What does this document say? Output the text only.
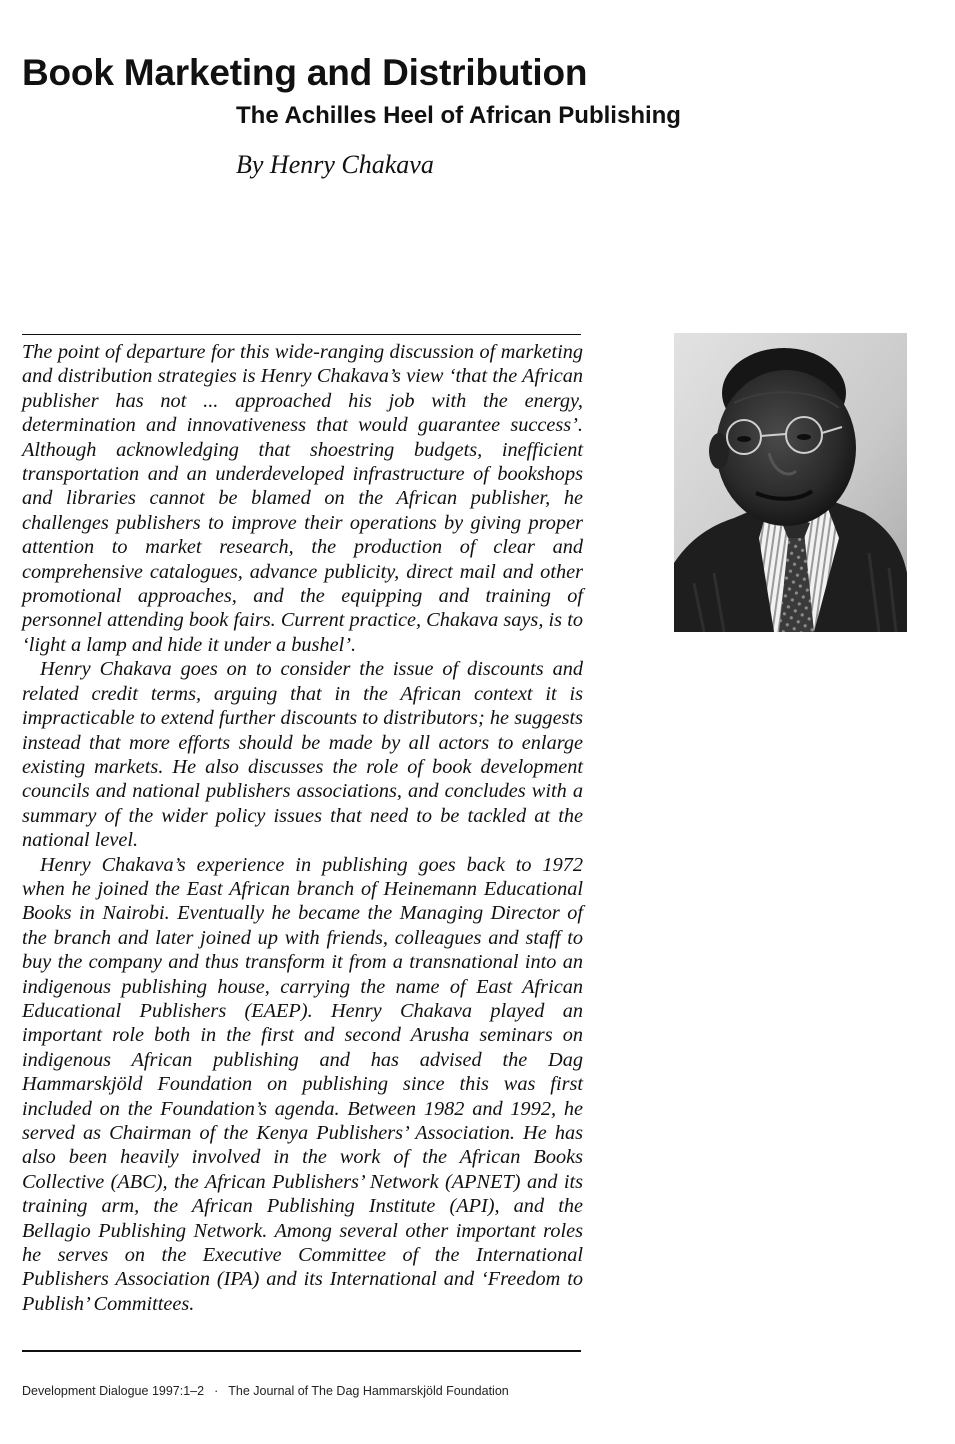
Book Marketing and Distribution
The Achilles Heel of African Publishing
By Henry Chakava

The point of departure for this wide-ranging discussion of marketing and distribution strategies is Henry Chakava’s view ‘that the African publisher has not ... approached his job with the energy, determination and innovativeness that would guarantee success’. Although acknowledging that shoestring budgets, inefficient transportation and an underdeveloped infrastructure of bookshops and libraries cannot be blamed on the African publisher, he challenges publishers to improve their operations by giving proper attention to market research, the production of clear and comprehensive catalogues, advance publicity, direct mail and other promotional approaches, and the equipping and training of personnel attending book fairs. Current practice, Chakava says, is to ‘light a lamp and hide it under a bushel’.

Henry Chakava goes on to consider the issue of discounts and related credit terms, arguing that in the African context it is impracticable to extend further discounts to distributors; he suggests instead that more efforts should be made by all actors to enlarge existing markets. He also discusses the role of book development councils and national publishers associations, and concludes with a summary of the wider policy issues that need to be tackled at the national level.

Henry Chakava’s experience in publishing goes back to 1972 when he joined the East African branch of Heinemann Educational Books in Nairobi. Eventually he became the Managing Director of the branch and later joined up with friends, colleagues and staff to buy the company and thus transform it from a transnational into an indigenous publishing house, carrying the name of East African Educational Publishers (EAEP). Henry Chakava played an important role both in the first and second Arusha seminars on indigenous African publishing and has advised the Dag Hammarskjöld Foundation on publishing since this was first included on the Foundation’s agenda. Between 1982 and 1992, he served as Chairman of the Kenya Publishers’ Association. He has also been heavily involved in the work of the African Books Collective (ABC), the African Publishers’ Network (APNET) and its training arm, the African Publishing Institute (API), and the Bellagio Publishing Network. Among several other important roles he serves on the Executive Committee of the International Publishers Association (IPA) and its International and ‘Freedom to Publish’ Committees.

Development Dialogue 1997:1–2 · The Journal of The Dag Hammarskjöld Foundation
